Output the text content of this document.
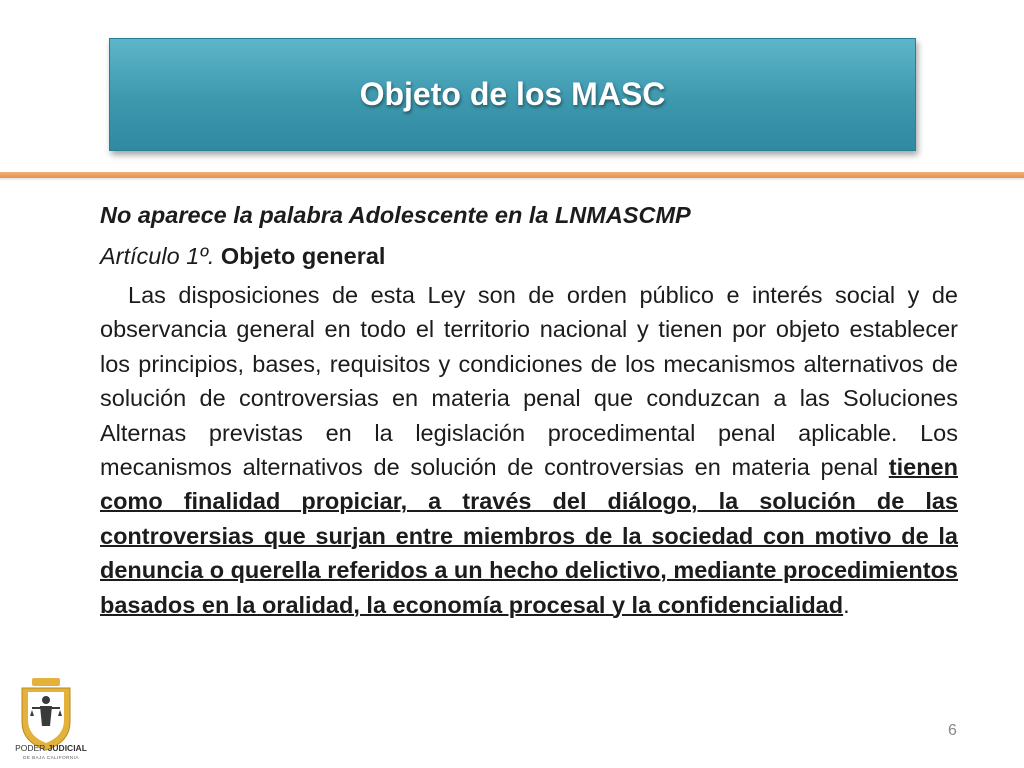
Objeto de los MASC

No aparece la palabra Adolescente en la LNMASCMP

Artículo 1º. Objeto general

Las disposiciones de esta Ley son de orden público e interés social y de observancia general en todo el territorio nacional y tienen por objeto establecer los principios, bases, requisitos y condiciones de los mecanismos alternativos de solución de controversias en materia penal que conduzcan a las Soluciones Alternas previstas en la legislación procedimental penal aplicable. Los mecanismos alternativos de solución de controversias en materia penal tienen como finalidad propiciar, a través del diálogo, la solución de las controversias que surjan entre miembros de la sociedad con motivo de la denuncia o querella referidos a un hecho delictivo, mediante procedimientos basados en la oralidad, la economía procesal y la confidencialidad.

PODER JUDICIAL
DE BAJA CALIFORNIA
6
